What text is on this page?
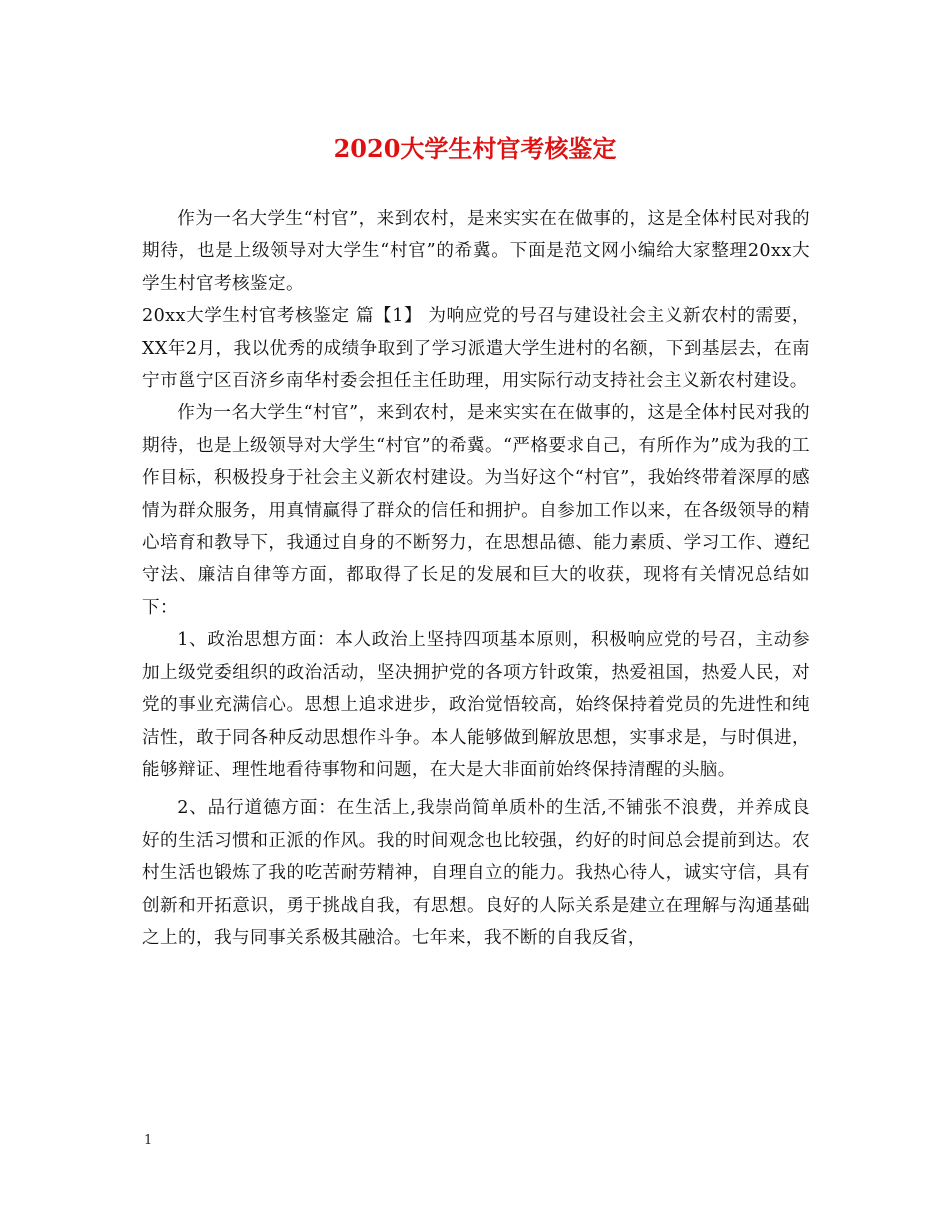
2020大学生村官考核鉴定

作为一名大学生“村官”，来到农村，是来实实在在做事的，这是全体村民对我的期待，也是上级领导对大学生“村官”的希冀。下面是范文网小编给大家整理20xx大学生村官考核鉴定。

20xx大学生村官考核鉴定 篇【1】 为响应党的号召与建设社会主义新农村的需要，XX年2月，我以优秀的成绩争取到了学习派遣大学生进村的名额，下到基层去，在南宁市邕宁区百济乡南华村委会担任主任助理，用实际行动支持社会主义新农村建设。

作为一名大学生“村官”，来到农村，是来实实在在做事的，这是全体村民对我的期待，也是上级领导对大学生“村官”的希冀。“严格要求自己，有所作为”成为我的工作目标，积极投身于社会主义新农村建设。为当好这个“村官”，我始终带着深厚的感情为群众服务，用真情赢得了群众的信任和拥护。自参加工作以来，在各级领导的精心培育和教导下，我通过自身的不断努力，在思想品德、能力素质、学习工作、遵纪守法、廉洁自律等方面，都取得了长足的发展和巨大的收获，现将有关情况总结如下：

1、政治思想方面：本人政治上坚持四项基本原则，积极响应党的号召，主动参加上级党委组织的政治活动，坚决拥护党的各项方针政策，热爱祖国，热爱人民，对党的事业充满信心。思想上追求进步，政治觉悟较高，始终保持着党员的先进性和纯洁性，敢于同各种反动思想作斗争。本人能够做到解放思想，实事求是，与时俱进，能够辩证、理性地看待事物和问题，在大是大非面前始终保持清醒的头脑。

2、品行道德方面：在生活上,我崇尚简单质朴的生活,不铺张不浪费，并养成良好的生活习惯和正派的作风。我的时间观念也比较强，约好的时间总会提前到达。农村生活也锻炼了我的吃苦耐劳精神，自理自立的能力。我热心待人，诚实守信，具有创新和开拓意识，勇于挑战自我，有思想。良好的人际关系是建立在理解与沟通基础之上的，我与同事关系极其融洽。七年来，我不断的自我反省，

1
